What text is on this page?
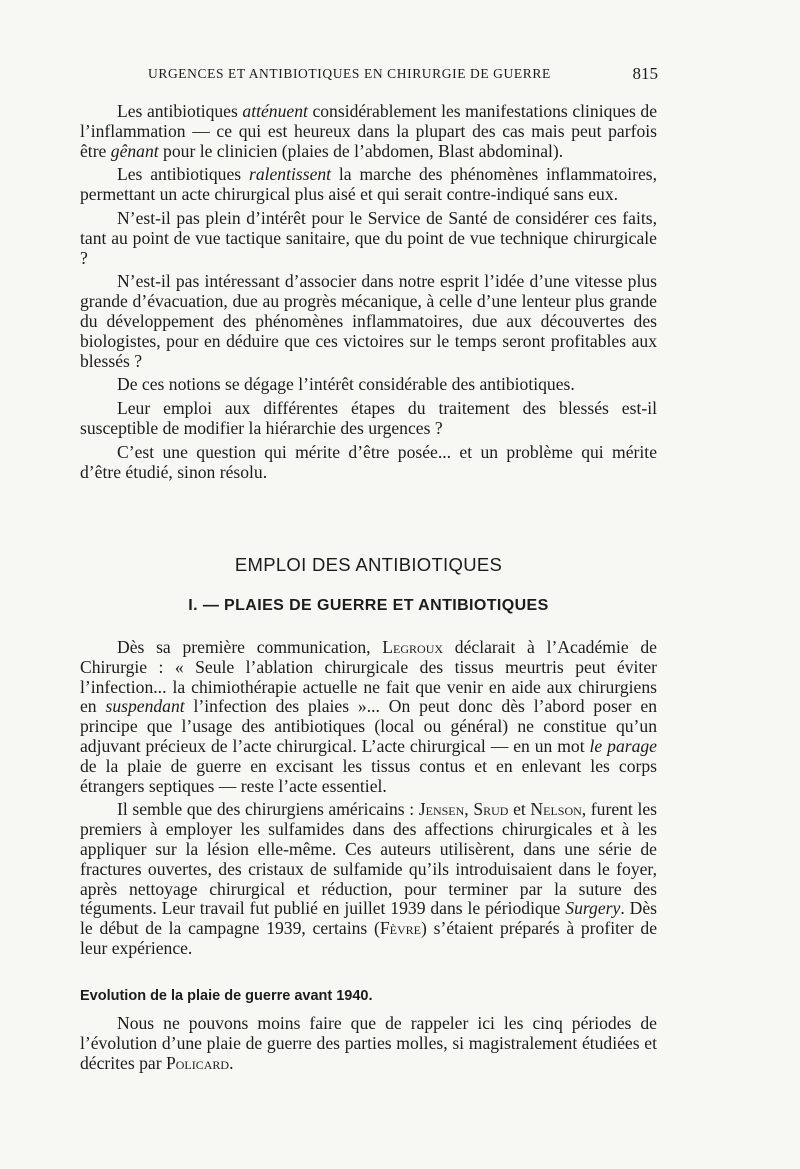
URGENCES ET ANTIBIOTIQUES EN CHIRURGIE DE GUERRE	815

Les antibiotiques atténuent considérablement les manifestations cliniques de l’inflammation — ce qui est heureux dans la plupart des cas mais peut parfois être gênant pour le clinicien (plaies de l’abdomen, Blast abdominal).

Les antibiotiques ralentissent la marche des phénomènes inflammatoires, permettant un acte chirurgical plus aisé et qui serait contre-indiqué sans eux.

N’est-il pas plein d’intérêt pour le Service de Santé de considérer ces faits, tant au point de vue tactique sanitaire, que du point de vue technique chirurgicale ?

N’est-il pas intéressant d’associer dans notre esprit l’idée d’une vitesse plus grande d’évacuation, due au progrès mécanique, à celle d’une lenteur plus grande du développement des phénomènes inflammatoires, due aux découvertes des biologistes, pour en déduire que ces victoires sur le temps seront profitables aux blessés ?

De ces notions se dégage l’intérêt considérable des antibiotiques.

Leur emploi aux différentes étapes du traitement des blessés est-il susceptible de modifier la hiérarchie des urgences ?

C’est une question qui mérite d’être posée... et un problème qui mérite d’être étudié, sinon résolu.

EMPLOI DES ANTIBIOTIQUES
I. — PLAIES DE GUERRE ET ANTIBIOTIQUES

Dès sa première communication, Legroux déclarait à l’Académie de Chirurgie : « Seule l’ablation chirurgicale des tissus meurtris peut éviter l’infection... la chimiothérapie actuelle ne fait que venir en aide aux chirurgiens en suspendant l’infection des plaies »... On peut donc dès l’abord poser en principe que l’usage des antibiotiques (local ou général) ne constitue qu’un adjuvant précieux de l’acte chirurgical. L’acte chirurgical — en un mot le parage de la plaie de guerre en excisant les tissus contus et en enlevant les corps étrangers septiques — reste l’acte essentiel.

Il semble que des chirurgiens américains : Jensen, Srud et Nelson, furent les premiers à employer les sulfamides dans des affections chirurgicales et à les appliquer sur la lésion elle-même. Ces auteurs utilisèrent, dans une série de fractures ouvertes, des cristaux de sulfamide qu’ils introduisaient dans le foyer, après nettoyage chirurgical et réduction, pour terminer par la suture des téguments. Leur travail fut publié en juillet 1939 dans le périodique Surgery. Dès le début de la campagne 1939, certains (Fèvre) s’étaient préparés à profiter de leur expérience.

Evolution de la plaie de guerre avant 1940.

Nous ne pouvons moins faire que de rappeler ici les cinq périodes de l’évolution d’une plaie de guerre des parties molles, si magistralement étudiées et décrites par Policard.
